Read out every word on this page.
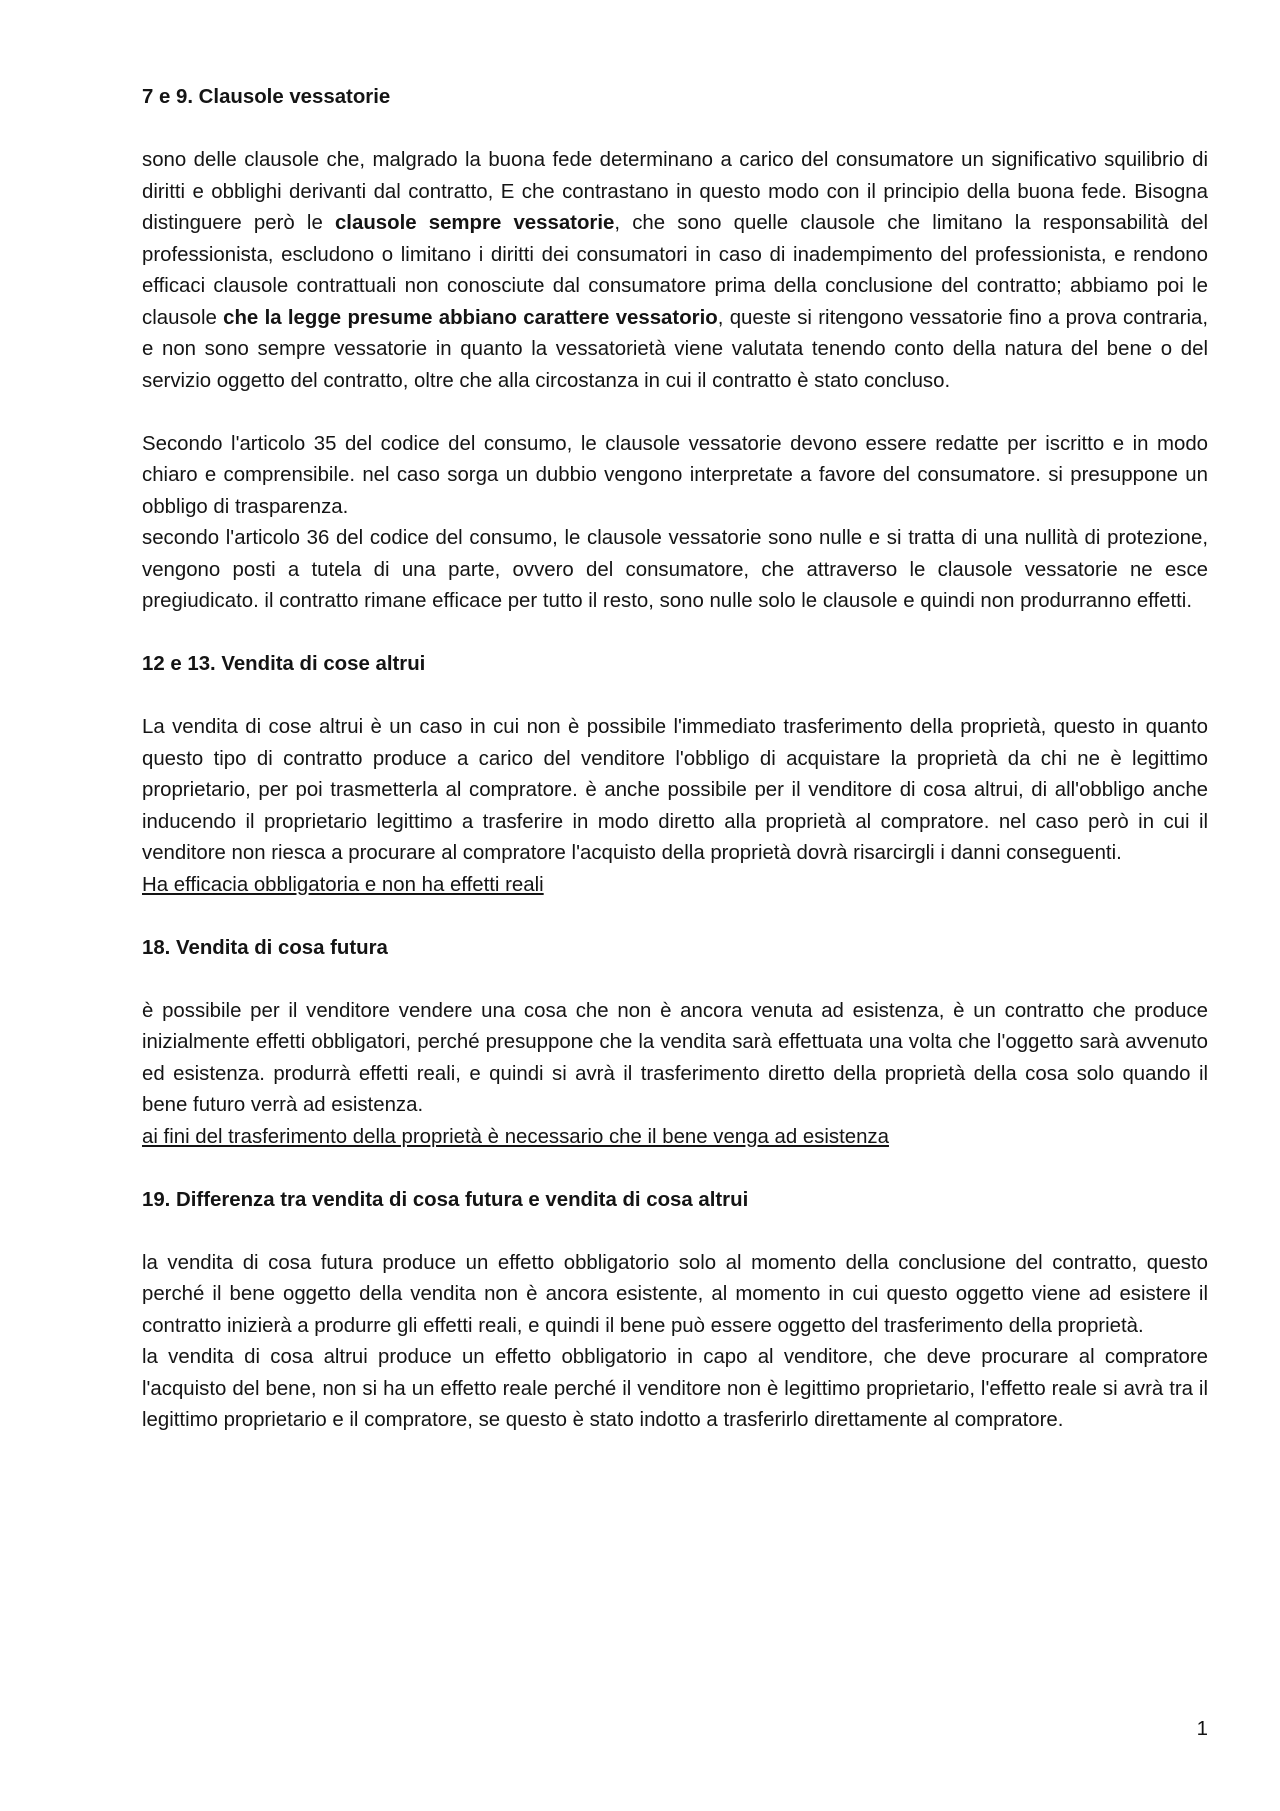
7 e 9. Clausole vessatorie

sono delle clausole che, malgrado la buona fede determinano a carico del consumatore un significativo squilibrio di diritti e obblighi derivanti dal contratto, E che contrastano in questo modo con il principio della buona fede. Bisogna distinguere però le clausole sempre vessatorie, che sono quelle clausole che limitano la responsabilità del professionista, escludono o limitano i diritti dei consumatori in caso di inadempimento del professionista, e rendono efficaci clausole contrattuali non conosciute dal consumatore prima della conclusione del contratto; abbiamo poi le clausole che la legge presume abbiano carattere vessatorio, queste si ritengono vessatorie fino a prova contraria, e non sono sempre vessatorie in quanto la vessatorietà viene valutata tenendo conto della natura del bene o del servizio oggetto del contratto, oltre che alla circostanza in cui il contratto è stato concluso.

Secondo l'articolo 35 del codice del consumo, le clausole vessatorie devono essere redatte per iscritto e in modo chiaro e comprensibile. nel caso sorga un dubbio vengono interpretate a favore del consumatore. si presuppone un obbligo di trasparenza.

secondo l'articolo 36 del codice del consumo, le clausole vessatorie sono nulle e si tratta di una nullità di protezione, vengono posti a tutela di una parte, ovvero del consumatore, che attraverso le clausole vessatorie ne esce pregiudicato. il contratto rimane efficace per tutto il resto, sono nulle solo le clausole e quindi non produrranno effetti.

12 e 13. Vendita di cose altrui

La vendita di cose altrui è un caso in cui non è possibile l'immediato trasferimento della proprietà, questo in quanto questo tipo di contratto produce a carico del venditore l'obbligo di acquistare la proprietà da chi ne è legittimo proprietario, per poi trasmetterla al compratore. è anche possibile per il venditore di cosa altrui, di all'obbligo anche inducendo il proprietario legittimo a trasferire in modo diretto alla proprietà al compratore. nel caso però in cui il venditore non riesca a procurare al compratore l'acquisto della proprietà dovrà risarcirgli i danni conseguenti.

Ha efficacia obbligatoria e non ha effetti reali
18. Vendita di cosa futura

è possibile per il venditore vendere una cosa che non è ancora venuta ad esistenza, è un contratto che produce inizialmente effetti obbligatori, perché presuppone che la vendita sarà effettuata una volta che l'oggetto sarà avvenuto ed esistenza. produrrà effetti reali, e quindi si avrà il trasferimento diretto della proprietà della cosa solo quando il bene futuro verrà ad esistenza.

ai fini del trasferimento della proprietà è necessario che il bene venga ad esistenza
19. Differenza tra vendita di cosa futura e vendita di cosa altrui

la vendita di cosa futura produce un effetto obbligatorio solo al momento della conclusione del contratto, questo perché il bene oggetto della vendita non è ancora esistente, al momento in cui questo oggetto viene ad esistere il contratto inizierà a produrre gli effetti reali, e quindi il bene può essere oggetto del trasferimento della proprietà.

la vendita di cosa altrui produce un effetto obbligatorio in capo al venditore, che deve procurare al compratore l'acquisto del bene, non si ha un effetto reale perché il venditore non è legittimo proprietario, l'effetto reale si avrà tra il legittimo proprietario e il compratore, se questo è stato indotto a trasferirlo direttamente al compratore.

1
